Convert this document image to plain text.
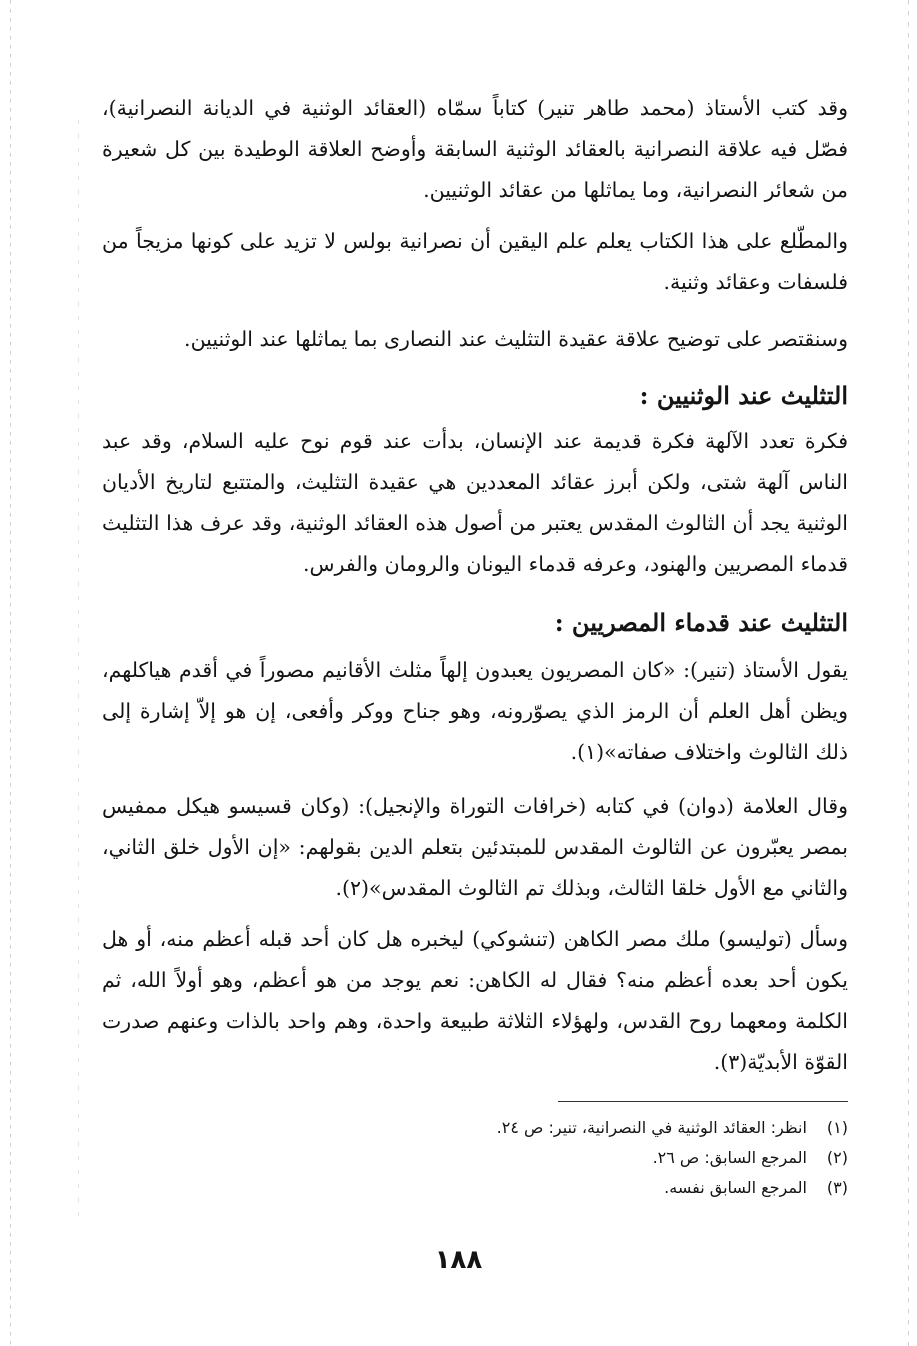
وقد كتب الأستاذ (محمد طاهر تنير) كتاباً سمّاه (العقائد الوثنية في الديانة النصرانية)، فصّل فيه علاقة النصرانية بالعقائد الوثنية السابقة وأوضح العلاقة الوطيدة بين كل شعيرة من شعائر النصرانية، وما يماثلها من عقائد الوثنيين.

والمطّلع على هذا الكتاب يعلم علم اليقين أن نصرانية بولس لا تزيد على كونها مزيجاً من فلسفات وعقائد وثنية.

وسنقتصر على توضيح علاقة عقيدة التثليث عند النصارى بما يماثلها عند الوثنيين.

التثليث عند الوثنيين :

فكرة تعدد الآلهة فكرة قديمة عند الإنسان، بدأت عند قوم نوح عليه السلام، وقد عبد الناس آلهة شتى، ولكن أبرز عقائد المعددين هي عقيدة التثليث، والمتتبع لتاريخ الأديان الوثنية يجد أن الثالوث المقدس يعتبر من أصول هذه العقائد الوثنية، وقد عرف هذا التثليث قدماء المصريين والهنود، وعرفه قدماء اليونان والرومان والفرس.

التثليث عند قدماء المصريين :

يقول الأستاذ (تنير): «كان المصريون يعبدون إلهاً مثلث الأقانيم مصوراً في أقدم هياكلهم، ويظن أهل العلم أن الرمز الذي يصوّرونه، وهو جناح ووكر وأفعى، إن هو إلاّ إشارة إلى ذلك الثالوث واختلاف صفاته»(١).

وقال العلامة (دوان) في كتابه (خرافات التوراة والإنجيل): (وكان قسيسو هيكل ممفيس بمصر يعبّرون عن الثالوث المقدس للمبتدئين بتعلم الدين بقولهم: «إن الأول خلق الثاني، والثاني مع الأول خلقا الثالث، وبذلك تم الثالوث المقدس»(٢).

وسأل (توليسو) ملك مصر الكاهن (تنشوكي) ليخبره هل كان أحد قبله أعظم منه، أو هل يكون أحد بعده أعظم منه؟ فقال له الكاهن: نعم يوجد من هو أعظم، وهو أولاً الله، ثم الكلمة ومعهما روح القدس، ولهؤلاء الثلاثة طبيعة واحدة، وهم واحد بالذات وعنهم صدرت القوّة الأبديّة(٣).

(١) انظر: العقائد الوثنية في النصرانية، تنير: ص ٢٤.
(٢) المرجع السابق: ص ٢٦.
(٣) المرجع السابق نفسه.
١٨٨
